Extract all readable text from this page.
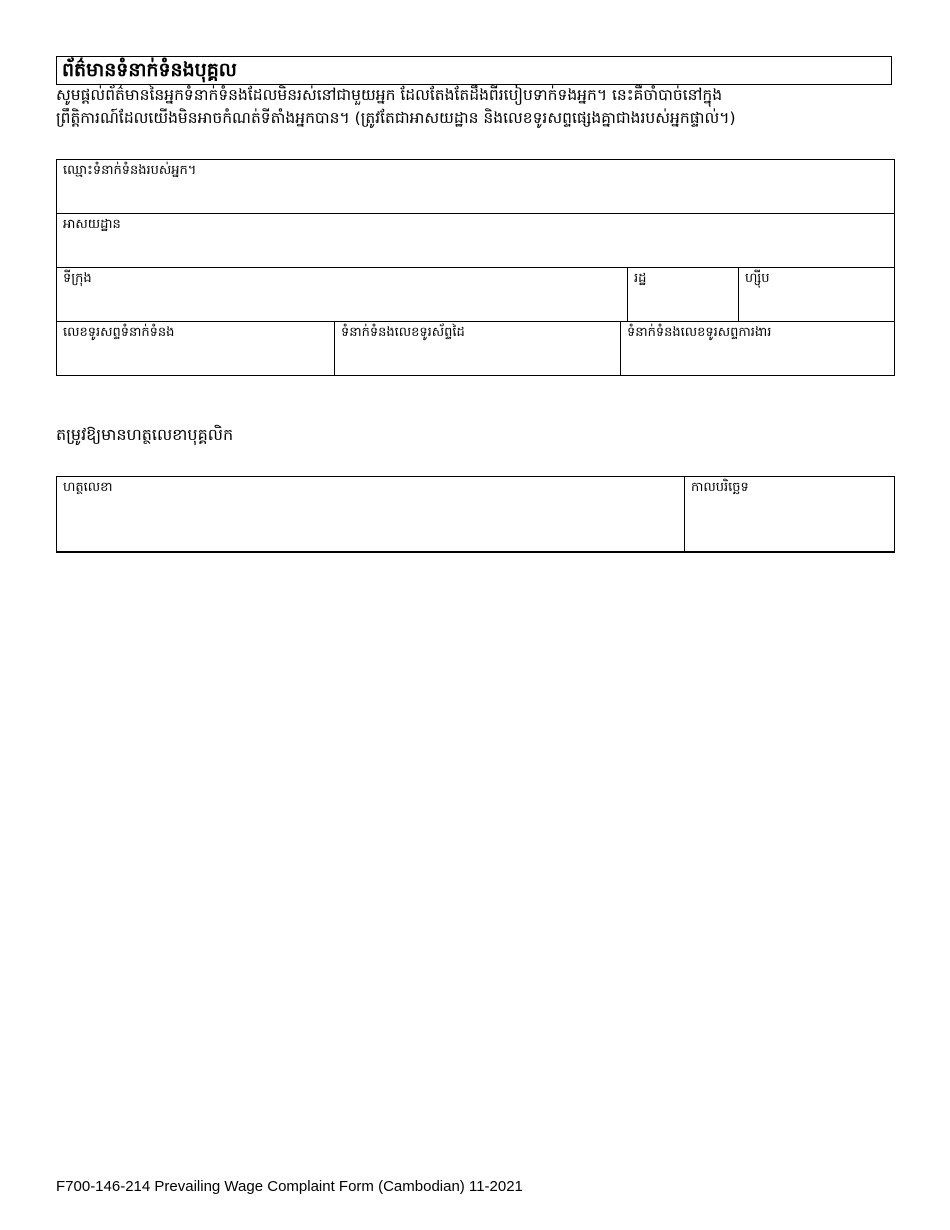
ព័ត៌មានទំនាក់ទំនងបុគ្គល
សូមផ្តល់ព័ត៌មាននៃអ្នកទំនាក់ទំនងដែលមិនរស់នៅជាមួយអ្នក ដែលតែងតែដឹងពីរបៀបទាក់ទងអ្នក។ នេះគឺចាំបាច់នៅក្នុង
ព្រឹត្តិការណ៍ដែលយើងមិនអាចកំណត់ទីតាំងអ្នកបាន។ (ត្រូវតែជាអាសយដ្ឋាន និងលេខទូរសព្ទផ្សេងគ្នាជាងរបស់អ្នកផ្ទាល់។)
ឈ្មោះទំនាក់ទំនងរបស់អ្នក។				
អាសយដ្ឋាន				
ទីក្រុង			រដ្ឋ	ហ្ស៊ីប
លេខទូរសព្ទទំនាក់ទំនង	ទំនាក់ទំនងលេខទូរស័ព្ទដៃ	ទំនាក់ទំនងលេខទូរសព្ទការងារ		
តម្រូវឱ្យមានហត្ថលេខាបុគ្គលិក
ហត្ថលេខា	កាលបរិច្ឆេទ
F700-146-214 Prevailing Wage Complaint Form (Cambodian) 11-2021
